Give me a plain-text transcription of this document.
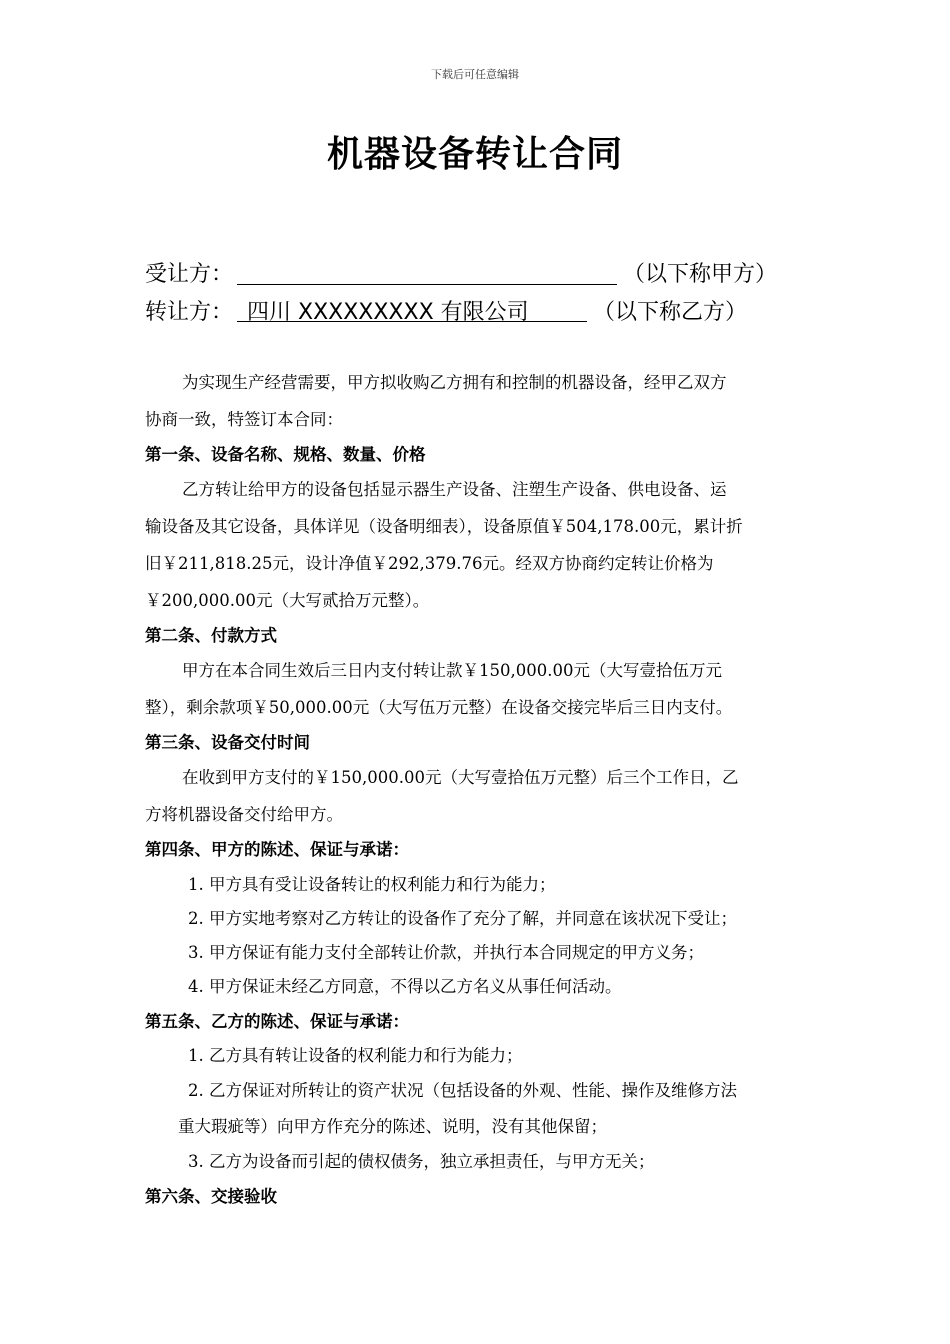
下载后可任意编辑
机器设备转让合同
受让方：	（以下称甲方）
转让方： 四川 XXXXXXXXX 有限公司	（以下称乙方）
为实现生产经营需要，甲方拟收购乙方拥有和控制的机器设备，经甲乙双方
协商一致，特签订本合同：
第一条、设备名称、规格、数量、价格
乙方转让给甲方的设备包括显示器生产设备、注塑生产设备、供电设备、运
输设备及其它设备，具体详见（设备明细表），设备原值￥504,178.00元，累计折
旧￥211,818.25元，设计净值￥292,379.76元。经双方协商约定转让价格为
￥200,000.00元（大写贰拾万元整）。
第二条、付款方式
甲方在本合同生效后三日内支付转让款￥150,000.00元（大写壹拾伍万元
整），剩余款项￥50,000.00元（大写伍万元整）在设备交接完毕后三日内支付。
第三条、设备交付时间
在收到甲方支付的￥150,000.00元（大写壹拾伍万元整）后三个工作日，乙
方将机器设备交付给甲方。
第四条、甲方的陈述、保证与承诺：
1. 甲方具有受让设备转让的权利能力和行为能力；
2. 甲方实地考察对乙方转让的设备作了充分了解，并同意在该状况下受让；
3. 甲方保证有能力支付全部转让价款，并执行本合同规定的甲方义务；
4. 甲方保证未经乙方同意，不得以乙方名义从事任何活动。
第五条、乙方的陈述、保证与承诺：
1. 乙方具有转让设备的权利能力和行为能力；
2. 乙方保证对所转让的资产状况（包括设备的外观、性能、操作及维修方法
重大瑕疵等）向甲方作充分的陈述、说明，没有其他保留；
3. 乙方为设备而引起的债权债务，独立承担责任，与甲方无关；
第六条、交接验收
